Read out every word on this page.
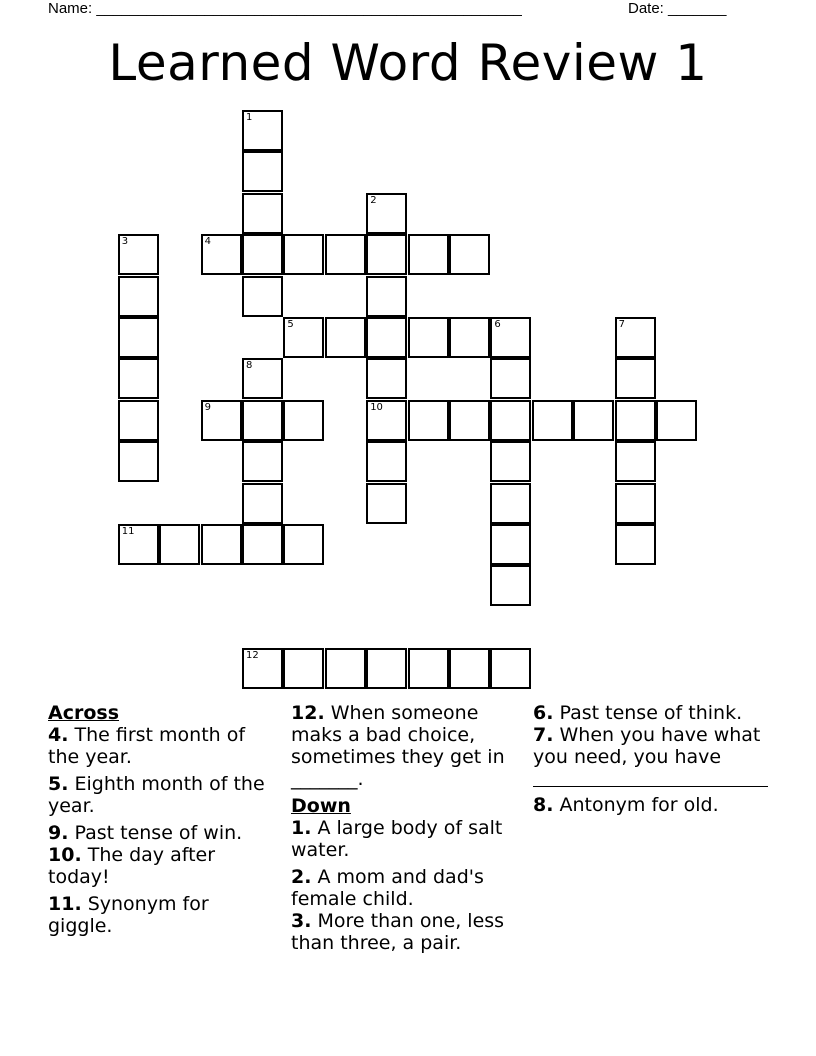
Name: ___________________________________________________	Date: _______
Learned Word Review 1
1
8
2
10
3	4
5	6	7
9
11
12

Across

4. The first month of the year.

5. Eighth month of the year.

9. Past tense of win.

10. The day after today!

11. Synonym for giggle.

12. When someone maks a bad choice, sometimes they get in _______.

Down

1. A large body of salt water.

2. A mom and dad's female child.

3. More than one, less than three, a pair.

6. Past tense of think.

7. When you have what you need, you have

8. Antonym for old.
